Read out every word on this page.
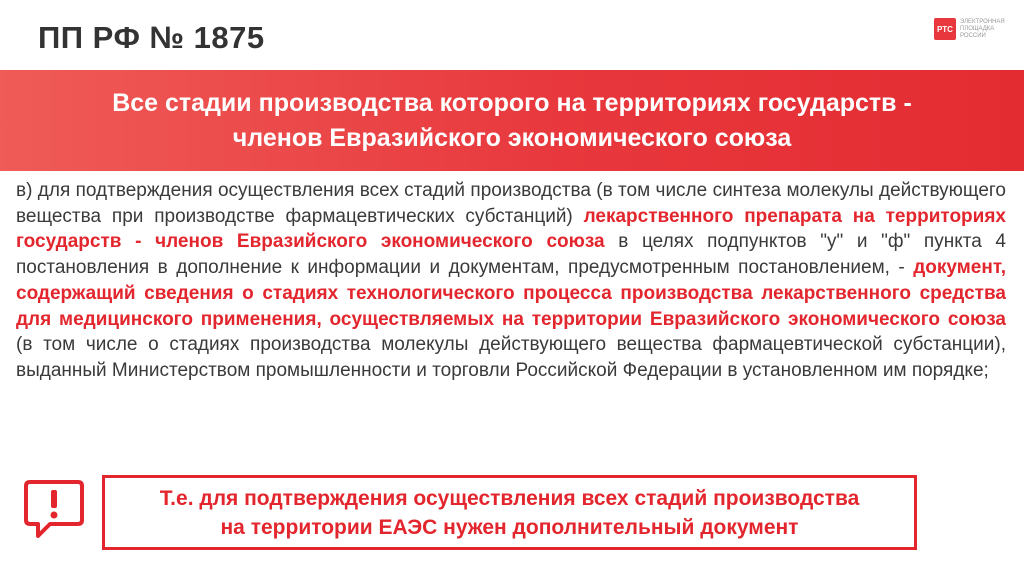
ПП РФ № 1875	РТС
ЭЛЕКТРОННАЯ
ПЛОЩАДКА
РОССИИ
Все стадии производства которого на территориях государств -
членов Евразийского экономического союза
в) для подтверждения осуществления всех стадий производства (в том числе синтеза молекулы действующего вещества при производстве фармацевтических субстанций) лекарственного препарата на территориях государств - членов Евразийского экономического союза в целях подпунктов "у" и "ф" пункта 4 постановления в дополнение к информации и документам, предусмотренным постановлением, - документ, содержащий сведения о стадиях технологического процесса производства лекарственного средства для медицинского применения, осуществляемых на территории Евразийского экономического союза (в том числе о стадиях производства молекулы действующего вещества фармацевтической субстанции), выданный Министерством промышленности и торговли Российской Федерации в установленном им порядке;
Т.е. для подтверждения осуществления всех стадий производства
на территории ЕАЭС нужен дополнительный документ
